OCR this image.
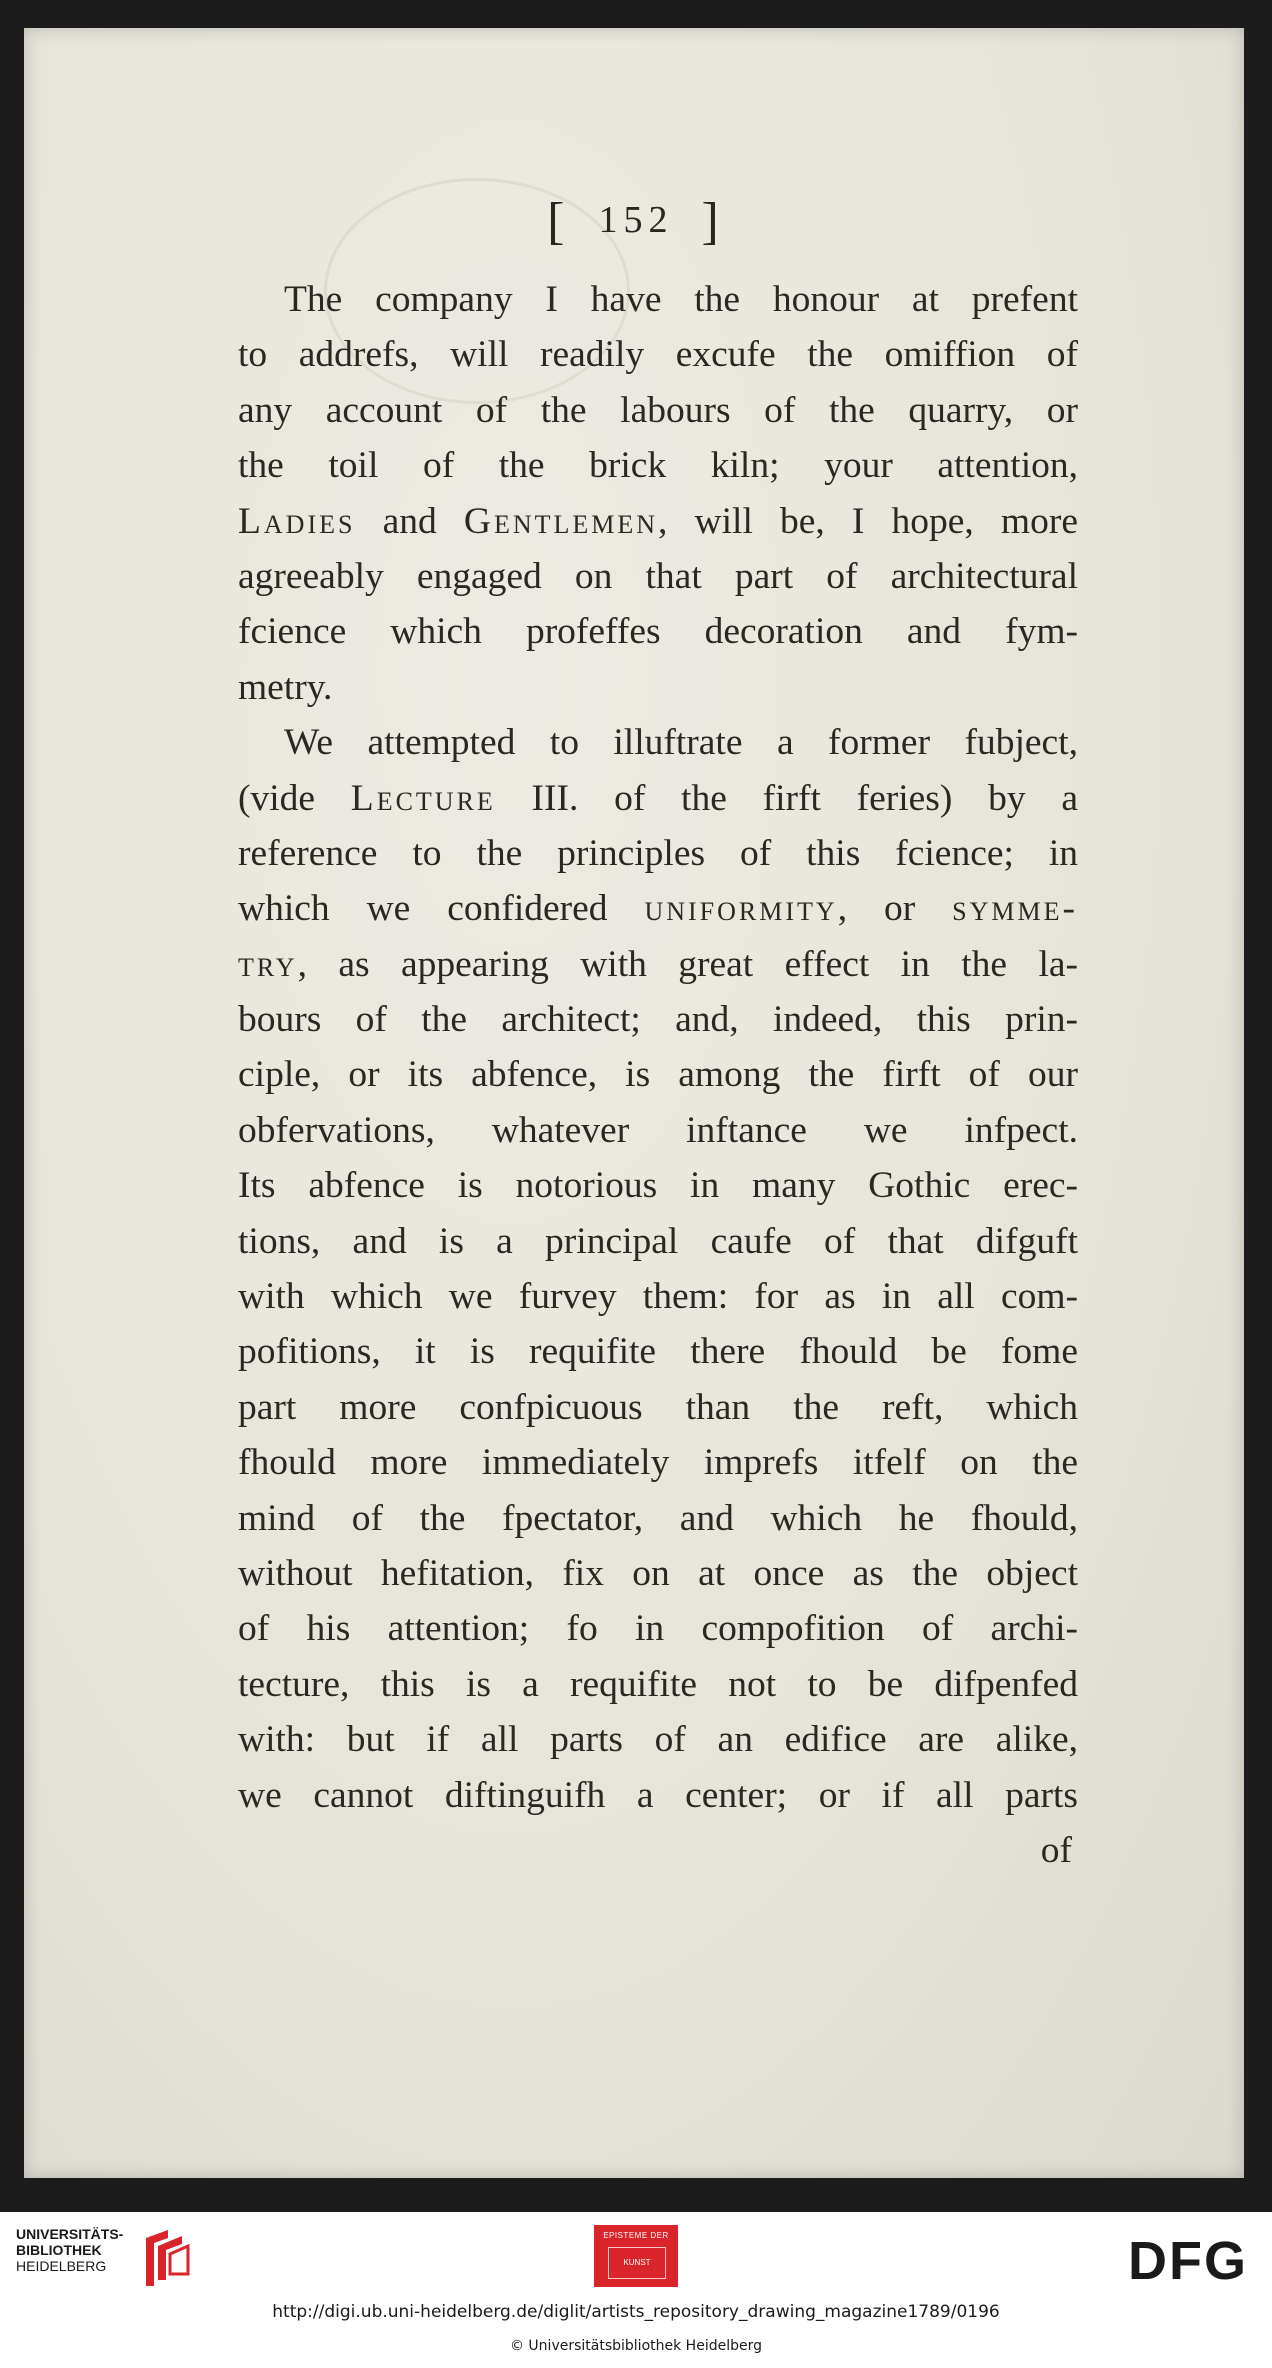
[ 152 ]
The company I have the honour at prefent
to addrefs, will readily excufe the omiffion of
any account of the labours of the quarry, or
the toil of the brick kiln; your attention,
Ladies and Gentlemen, will be, I hope, more
agreeably engaged on that part of architectural
fcience which profeffes decoration and fym-
metry.
We attempted to illuftrate a former fubject,
(vide Lecture III. of the firft feries) by a
reference to the principles of this fcience; in
which we confidered uniformity, or symme-
try, as appearing with great effect in the la-
bours of the architect; and, indeed, this prin-
ciple, or its abfence, is among the firft of our
obfervations, whatever inftance we infpect.
Its abfence is notorious in many Gothic erec-
tions, and is a principal caufe of that difguft
with which we furvey them: for as in all com-
pofitions, it is requifite there fhould be fome
part more confpicuous than the reft, which
fhould more immediately imprefs itfelf on the
mind of the fpectator, and which he fhould,
without hefitation, fix on at once as the object
of his attention; fo in compofition of archi-
tecture, this is a requifite not to be difpenfed
with: but if all parts of an edifice are alike,
we cannot diftinguifh a center; or if all parts
of
UNIVERSITÄTS-
BIBLIOTHEK
HEIDELBERG
EPISTEME DER
KUNST	DFG
http://digi.ub.uni-heidelberg.de/diglit/artists_repository_drawing_magazine1789/0196
© Universitätsbibliothek Heidelberg
